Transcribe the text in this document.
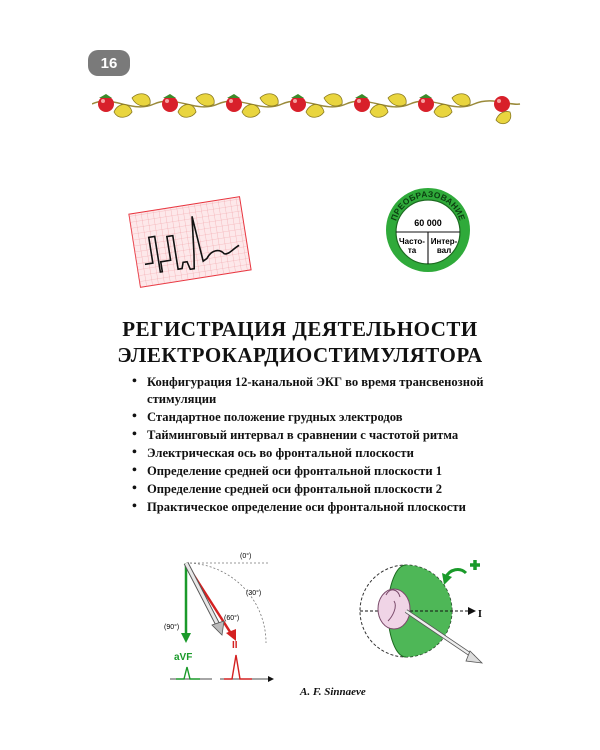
16
ПРЕОБРАЗОВАНИЕ
60 000
Часто-
та
Интер-
вал
РЕГИСТРАЦИЯ ДЕЯТЕЛЬНОСТИ
ЭЛЕКТРОКАРДИОСТИМУЛЯТОРА
• Конфигурация 12-канальной ЭКГ во время трансвенозной стимуляции
• Стандартное положение грудных электродов
• Тайминговый интервал в сравнении с частотой ритма
• Электрическая ось во фронтальной плоскости
• Определение средней оси фронтальной плоскости 1
• Определение средней оси фронтальной плоскости 2
• Практическое определение оси фронтальной плоскости
(0°)
(30°)
(60°)
(90°)
aVF
II
I
A. F. Sinnaeve
